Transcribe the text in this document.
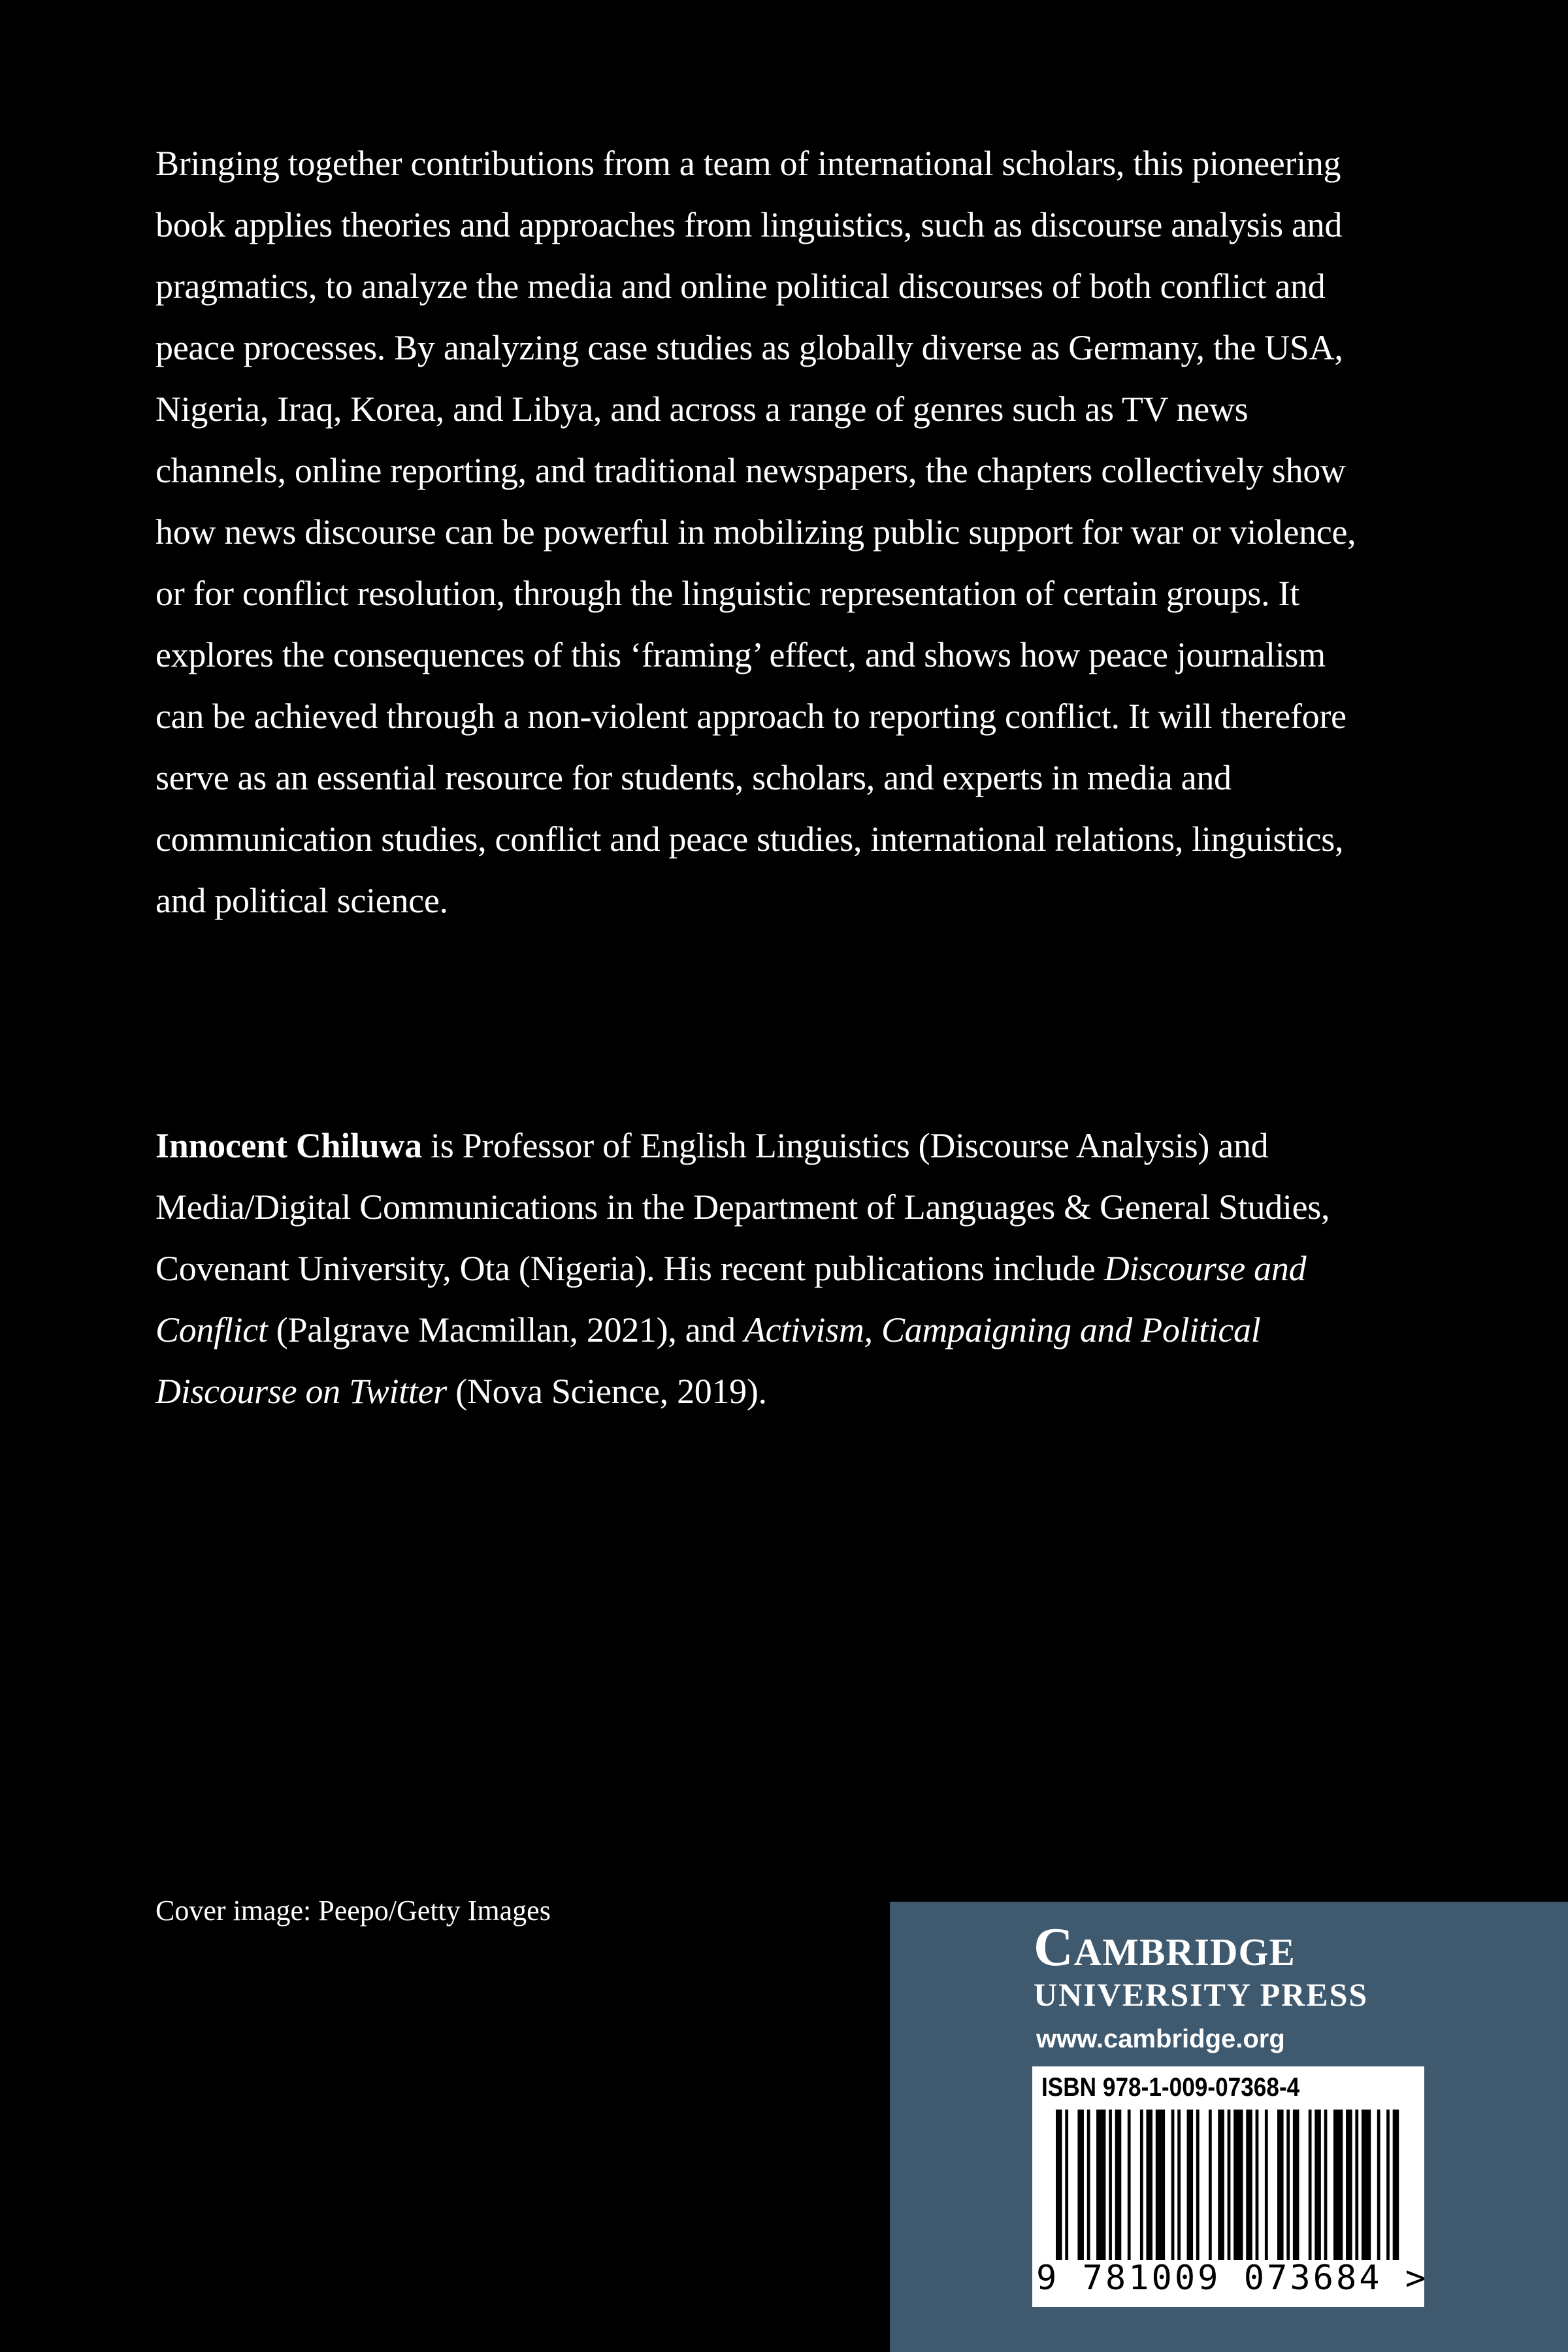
Bringing together contributions from a team of international scholars, this pioneering book applies theories and approaches from linguistics, such as discourse analysis and pragmatics, to analyze the media and online political discourses of both conflict and peace processes. By analyzing case studies as globally diverse as Germany, the USA, Nigeria, Iraq, Korea, and Libya, and across a range of genres such as TV news channels, online reporting, and traditional newspapers, the chapters collectively show how news discourse can be powerful in mobilizing public support for war or violence, or for conflict resolution, through the linguistic representation of certain groups. It explores the consequences of this ‘framing’ effect, and shows how peace journalism can be achieved through a non-violent approach to reporting conflict. It will therefore serve as an essential resource for students, scholars, and experts in media and communication studies, conflict and peace studies, international relations, linguistics, and political science.

Innocent Chiluwa is Professor of English Linguistics (Discourse Analysis) and Media/Digital Communications in the Department of Languages & General Studies, Covenant University, Ota (Nigeria). His recent publications include Discourse and Conflict (Palgrave Macmillan, 2021), and Activism, Campaigning and Political Discourse on Twitter (Nova Science, 2019).

Cover image: Peepo/Getty Images

Cambridge

UNIVERSITY PRESS

www.cambridge.org

ISBN 978-1-009-07368-4

9 781009 073684 >
